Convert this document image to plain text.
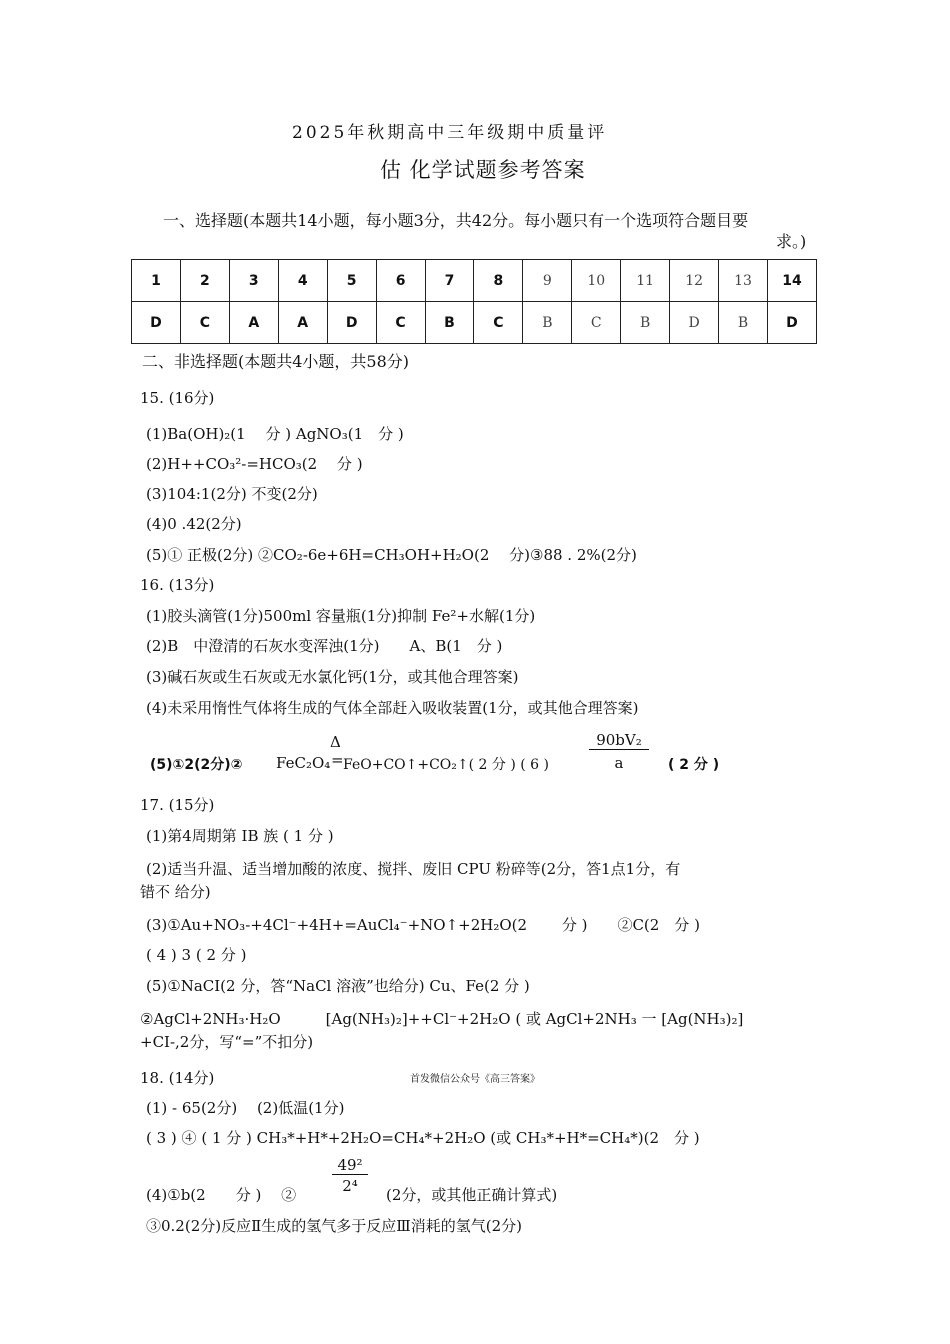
2025年秋期高中三年级期中质量评
估 化学试题参考答案
一、选择题(本题共14小题，每小题3分，共42分。每小题只有一个选项符合题目要
求。)
1	2	3	4	5	6	7	8	9	10	11	12	13	14
D	C	A	A	D	C	B	C	B	C	B	D	B	D
二、非选择题(本题共4小题，共58分)
15. (16分)
(1)Ba(OH)₂(1　 分 ) AgNO₃(1　分 )
(2)H++CO₃²-=HCO₃(2　 分 )
(3)104:1(2分) 不变(2分)
(4)0 .42(2分)
(5)① 正极(2分) ②CO₂-6e+6H=CH₃OH+H₂O(2　 分)③88 . 2%(2分)
16. (13分)
(1)胶头滴管(1分)500ml 容量瓶(1分)抑制 Fe²+水解(1分)
(2)B　中澄清的石灰水变浑浊(1分)　　A、B(1　分 )
(3)碱石灰或生石灰或无水氯化钙(1分，或其他合理答案)
(4)未采用惰性气体将生成的气体全部赶入吸收装置(1分，或其他合理答案)
(5)①2(2分)② FeC₂O₄
Δ
= FeO+CO↑+CO₂↑( 2 分 ) ( 6 )	$\frac{\text{90bV₂}}{a}$ ( 2 分 )
17. (15分)
(1)第4周期第 IB 族 ( 1 分 )
(2)适当升温、适当增加酸的浓度、搅拌、废旧 CPU 粉碎等(2分，答1点1分，有
错不 给分)
(3)①Au+NO₃-+4Cl⁻+4H+=AuCl₄⁻+NO↑+2H₂O(2　　 分 )　　②C(2　分 )
( 4 ) 3 ( 2 分 )
(5)①NaCI(2 分，答“NaCl 溶液”也给分) Cu、Fe(2 分 )
②AgCl+2NH₃·H₂O　　　[Ag(NH₃)₂]++Cl⁻+2H₂O ( 或 AgCl+2NH₃ 一 [Ag(NH₃)₂]
+CI-,2分，写“=”不扣分)
18. (14分)	首发微信公众号《高三答案》
(1) - 65(2分)　 (2)低温(1分)
( 3 ) ④ ( 1 分 ) CH₃*+H*+2H₂O=CH₄*+2H₂O (或 CH₃*+H*=CH₄*)(2　分 )
(4)①b(2　　分 )　 ② $\frac{\text{49²}}{\text{2⁴}} (2$分，或其他正确计算式)
③0.2(2分)反应Ⅱ生成的氢气多于反应Ⅲ消耗的氢气(2分)
